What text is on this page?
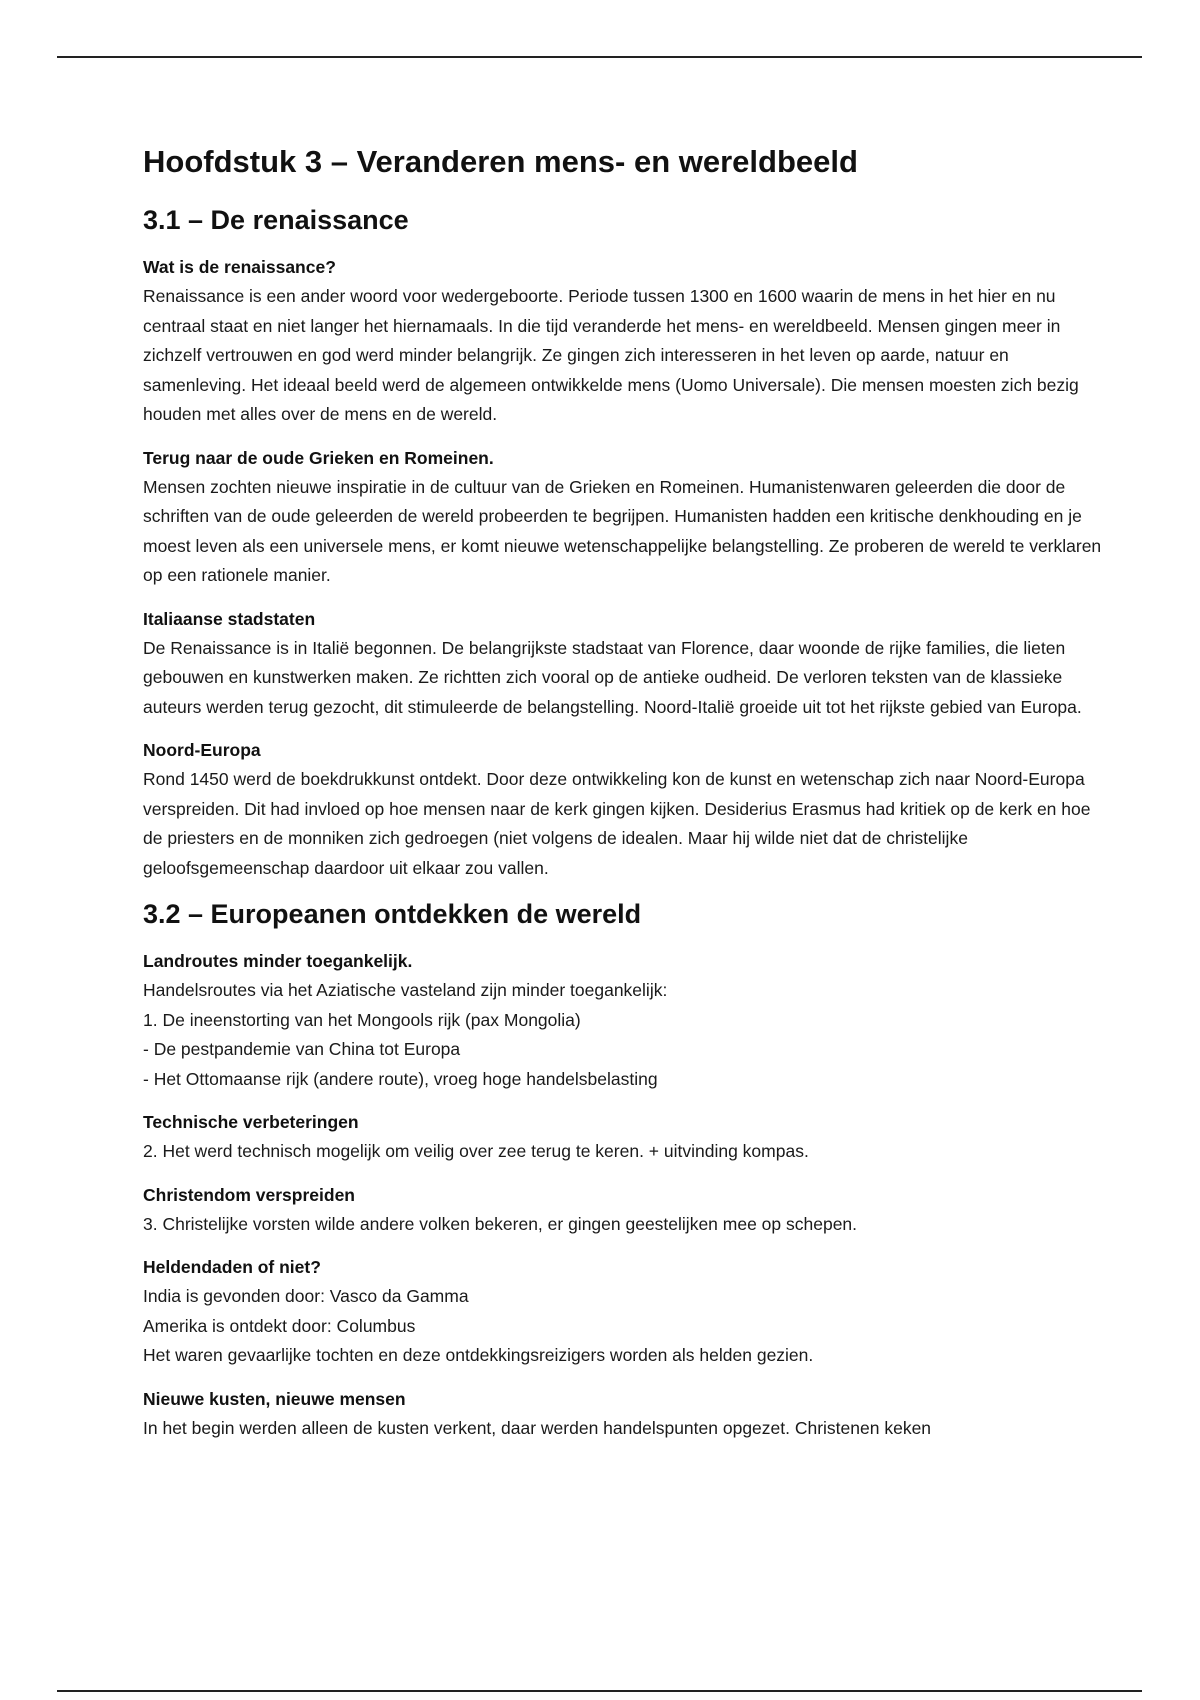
Hoofdstuk 3 – Veranderen mens- en wereldbeeld
3.1 – De renaissance

Wat is de renaissance?

Renaissance is een ander woord voor wedergeboorte. Periode tussen 1300 en 1600 waarin de mens in het hier en nu centraal staat en niet langer het hiernamaals. In die tijd veranderde het mens- en wereldbeeld. Mensen gingen meer in zichzelf vertrouwen en god werd minder belangrijk. Ze gingen zich interesseren in het leven op aarde, natuur en samenleving. Het ideaal beeld werd de algemeen ontwikkelde mens (Uomo Universale). Die mensen moesten zich bezig houden met alles over de mens en de wereld.

Terug naar de oude Grieken en Romeinen.

Mensen zochten nieuwe inspiratie in de cultuur van de Grieken en Romeinen. Humanistenwaren geleerden die door de schriften van de oude geleerden de wereld probeerden te begrijpen. Humanisten hadden een kritische denkhouding en je moest leven als een universele mens, er komt nieuwe wetenschappelijke belangstelling. Ze proberen de wereld te verklaren op een rationele manier.

Italiaanse stadstaten

De Renaissance is in Italië begonnen. De belangrijkste stadstaat van Florence, daar woonde de rijke families, die lieten gebouwen en kunstwerken maken. Ze richtten zich vooral op de antieke oudheid. De verloren teksten van de klassieke auteurs werden terug gezocht, dit stimuleerde de belangstelling. Noord-Italië groeide uit tot het rijkste gebied van Europa.

Noord-Europa

Rond 1450 werd de boekdrukkunst ontdekt. Door deze ontwikkeling kon de kunst en wetenschap zich naar Noord-Europa verspreiden. Dit had invloed op hoe mensen naar de kerk gingen kijken. Desiderius Erasmus had kritiek op de kerk en hoe de priesters en de monniken zich gedroegen (niet volgens de idealen. Maar hij wilde niet dat de christelijke geloofsgemeenschap daardoor uit elkaar zou vallen.

3.2 – Europeanen ontdekken de wereld

Landroutes minder toegankelijk.

Handelsroutes via het Aziatische vasteland zijn minder toegankelijk:

1. De ineenstorting van het Mongools rijk (pax Mongolia)

- De pestpandemie van China tot Europa

- Het Ottomaanse rijk (andere route), vroeg hoge handelsbelasting

Technische verbeteringen

2. Het werd technisch mogelijk om veilig over zee terug te keren. + uitvinding kompas.

Christendom verspreiden

3. Christelijke vorsten wilde andere volken bekeren, er gingen geestelijken mee op schepen.

Heldendaden of niet?

India is gevonden door: Vasco da Gamma

Amerika is ontdekt door: Columbus

Het waren gevaarlijke tochten en deze ontdekkingsreizigers worden als helden gezien.

Nieuwe kusten, nieuwe mensen

In het begin werden alleen de kusten verkent, daar werden handelspunten opgezet. Christenen keken
